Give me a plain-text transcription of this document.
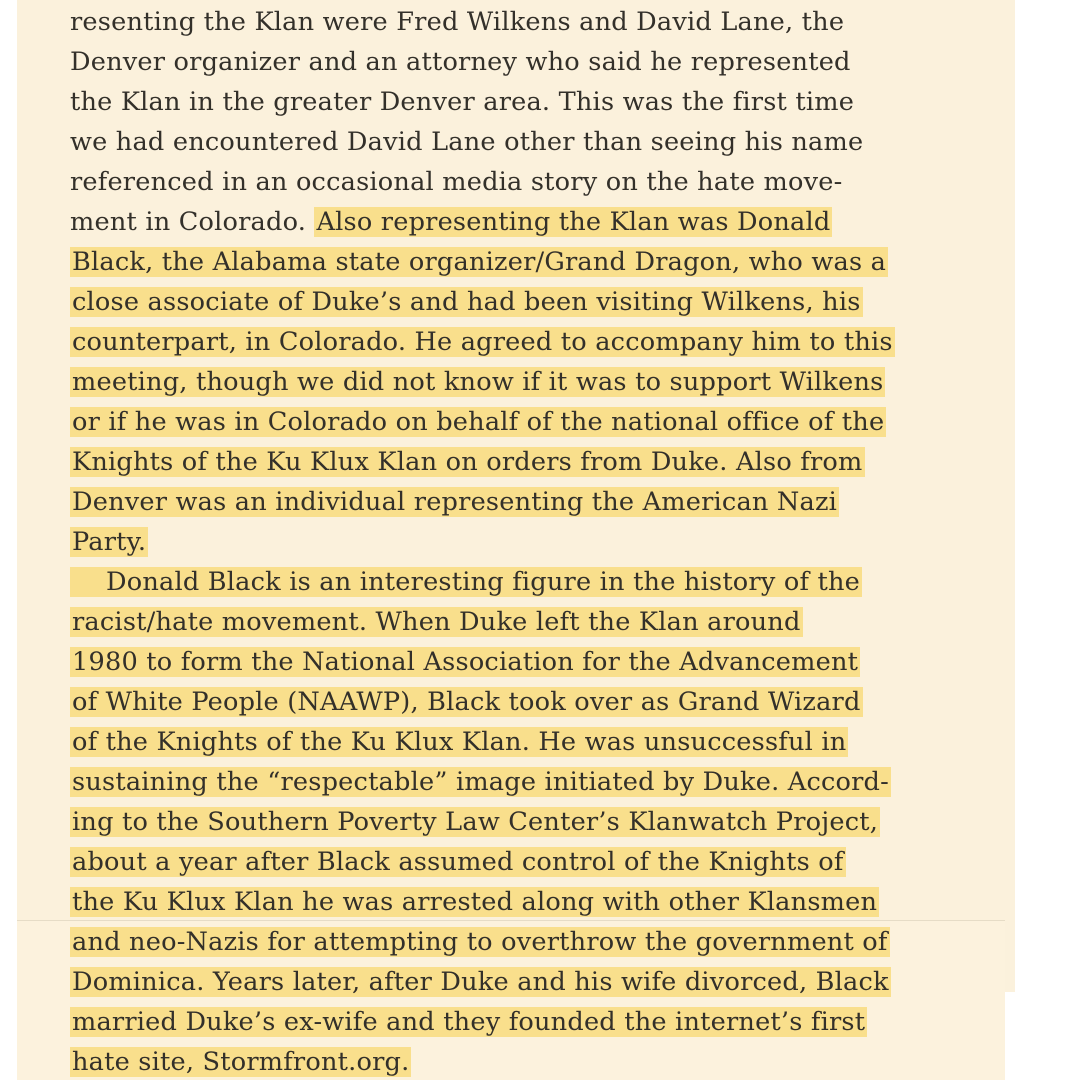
resenting the Klan were Fred Wilkens and David Lane, the
Denver organizer and an attorney who said he represented
the Klan in the greater Denver area. This was the first time
we had encountered David Lane other than seeing his name
referenced in an occasional media story on the hate move-
ment in Colorado. Also representing the Klan was Donald
Black, the Alabama state organizer/Grand Dragon, who was a
close associate of Duke’s and had been visiting Wilkens, his
counterpart, in Colorado. He agreed to accompany him to this
meeting, though we did not know if it was to support Wilkens
or if he was in Colorado on behalf of the national office of the
Knights of the Ku Klux Klan on orders from Duke. Also from
Denver was an individual representing the American Nazi
Party.
Donald Black is an interesting figure in the history of the
racist/hate movement. When Duke left the Klan around
1980 to form the National Association for the Advancement
of White People (NAAWP), Black took over as Grand Wizard
of the Knights of the Ku Klux Klan. He was unsuccessful in
sustaining the “respectable” image initiated by Duke. Accord-
ing to the Southern Poverty Law Center’s Klanwatch Project,
about a year after Black assumed control of the Knights of
the Ku Klux Klan he was arrested along with other Klansmen
and neo-Nazis for attempting to overthrow the government of
Dominica. Years later, after Duke and his wife divorced, Black
married Duke’s ex-wife and they founded the internet’s first
hate site, Stormfront.org.
